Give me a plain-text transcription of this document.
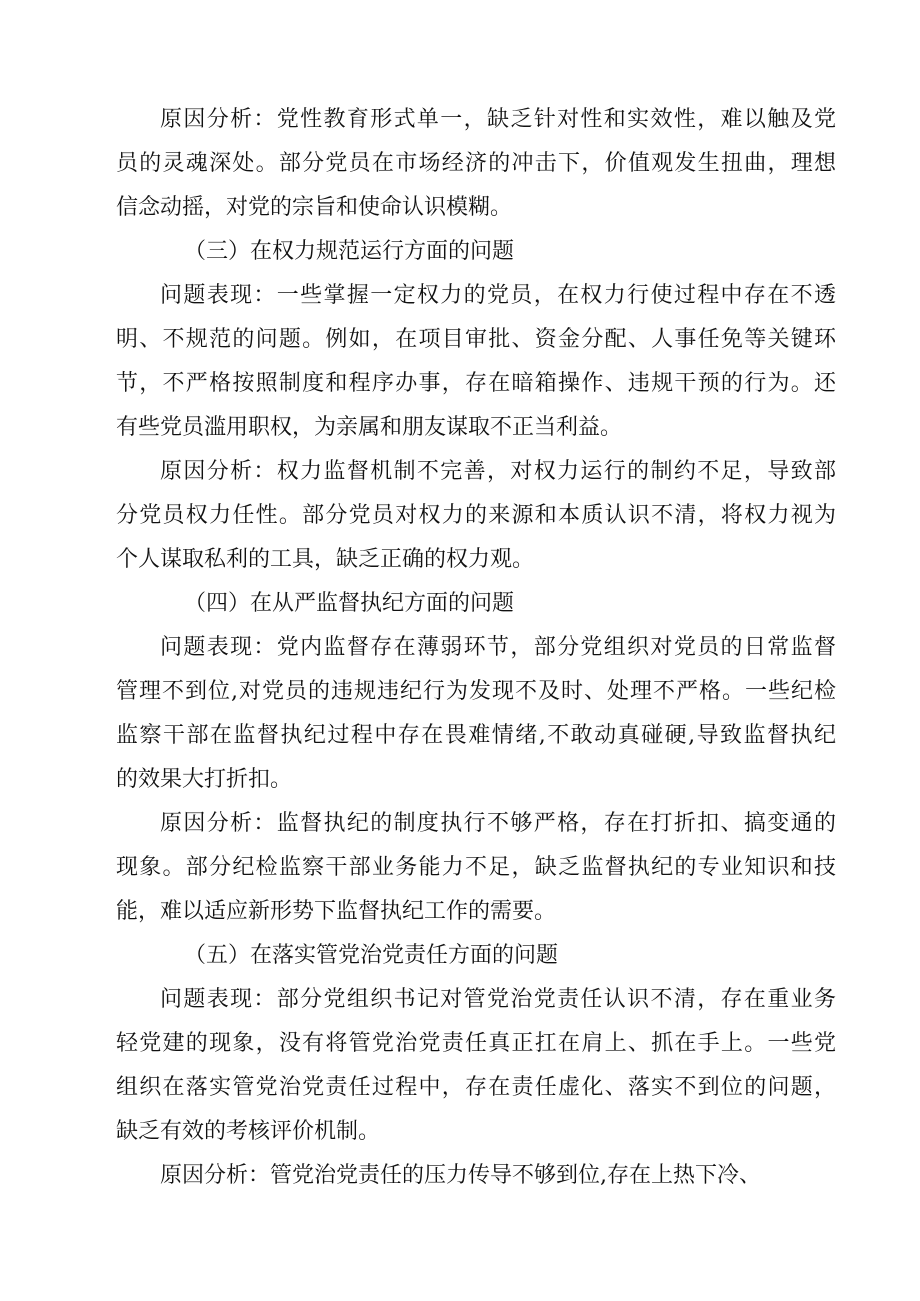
原因分析：党性教育形式单一，缺乏针对性和实效性，难以触及党
员的灵魂深处。部分党员在市场经济的冲击下，价值观发生扭曲，理想
信念动摇，对党的宗旨和使命认识模糊。
（三）在权力规范运行方面的问题
问题表现：一些掌握一定权力的党员，在权力行使过程中存在不透
明、不规范的问题。例如，在项目审批、资金分配、人事任免等关键环
节，不严格按照制度和程序办事，存在暗箱操作、违规干预的行为。还
有些党员滥用职权，为亲属和朋友谋取不正当利益。
原因分析：权力监督机制不完善，对权力运行的制约不足，导致部
分党员权力任性。部分党员对权力的来源和本质认识不清，将权力视为
个人谋取私利的工具，缺乏正确的权力观。
（四）在从严监督执纪方面的问题
问题表现：党内监督存在薄弱环节，部分党组织对党员的日常监督
管理不到位,对党员的违规违纪行为发现不及时、处理不严格。一些纪检
监察干部在监督执纪过程中存在畏难情绪,不敢动真碰硬,导致监督执纪
的效果大打折扣。
原因分析：监督执纪的制度执行不够严格，存在打折扣、搞变通的
现象。部分纪检监察干部业务能力不足，缺乏监督执纪的专业知识和技
能，难以适应新形势下监督执纪工作的需要。
（五）在落实管党治党责任方面的问题
问题表现：部分党组织书记对管党治党责任认识不清，存在重业务
轻党建的现象，没有将管党治党责任真正扛在肩上、抓在手上。一些党
组织在落实管党治党责任过程中，存在责任虚化、落实不到位的问题，
缺乏有效的考核评价机制。
原因分析：管党治党责任的压力传导不够到位,存在上热下冷、
